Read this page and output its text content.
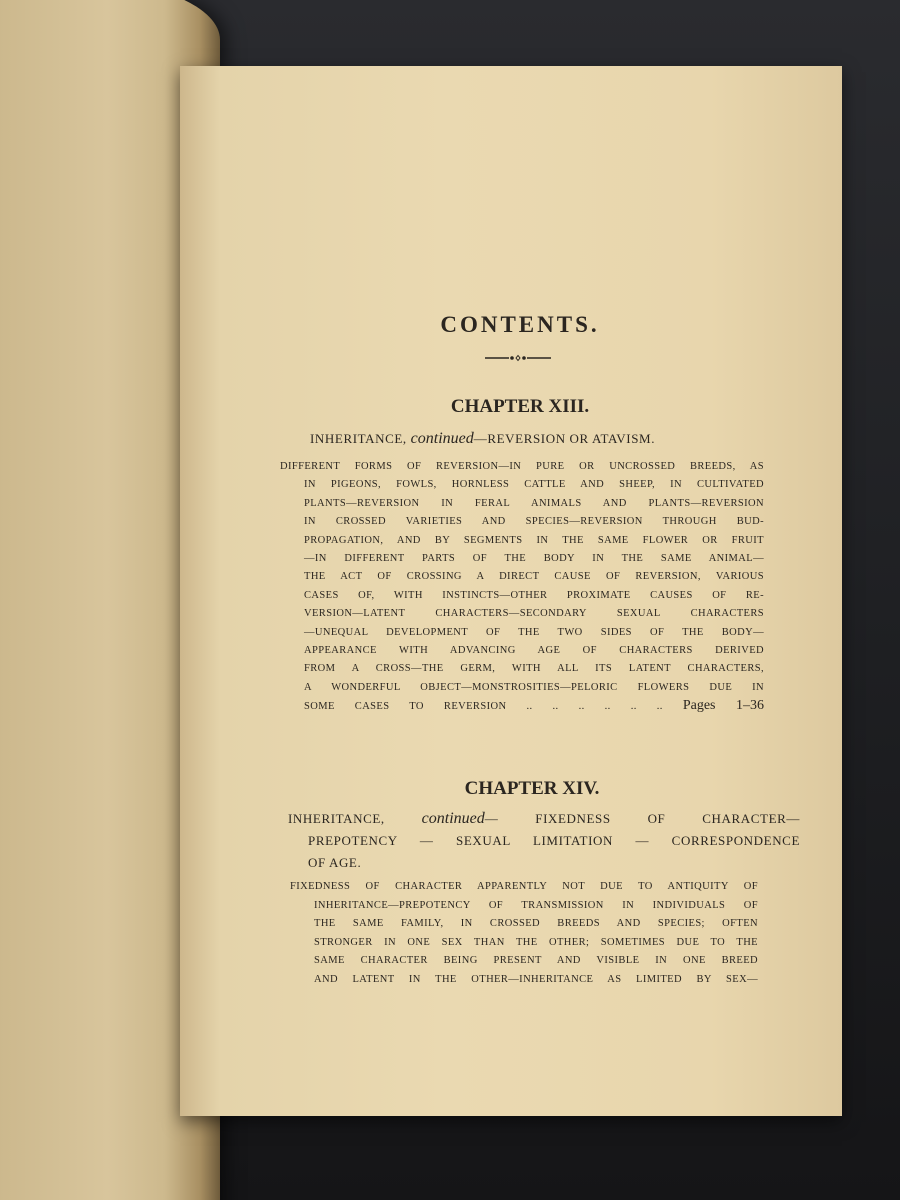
CONTENTS.
CHAPTER XIII.

INHERITANCE, continued—REVERSION OR ATAVISM.

DIFFERENT FORMS OF REVERSION—IN PURE OR UNCROSSED BREEDS, AS
IN PIGEONS, FOWLS, HORNLESS CATTLE AND SHEEP, IN CULTIVATED
PLANTS—REVERSION IN FERAL ANIMALS AND PLANTS—REVERSION
IN CROSSED VARIETIES AND SPECIES—REVERSION THROUGH BUD-
PROPAGATION, AND BY SEGMENTS IN THE SAME FLOWER OR FRUIT
—IN DIFFERENT PARTS OF THE BODY IN THE SAME ANIMAL—
THE ACT OF CROSSING A DIRECT CAUSE OF REVERSION, VARIOUS
CASES OF, WITH INSTINCTS—OTHER PROXIMATE CAUSES OF RE-
VERSION—LATENT CHARACTERS—SECONDARY SEXUAL CHARACTERS
—UNEQUAL DEVELOPMENT OF THE TWO SIDES OF THE BODY—
APPEARANCE WITH ADVANCING AGE OF CHARACTERS DERIVED
FROM A CROSS—THE GERM, WITH ALL ITS LATENT CHARACTERS,
A WONDERFUL OBJECT—MONSTROSITIES—PELORIC FLOWERS DUE IN
SOME CASES TO REVERSION .. .. .. .. .. .. Pages 1–36
CHAPTER XIV.
INHERITANCE, continued— FIXEDNESS OF CHARACTER—
PREPOTENCY — SEXUAL LIMITATION — CORRESPONDENCE
OF AGE.
FIXEDNESS OF CHARACTER APPARENTLY NOT DUE TO ANTIQUITY OF
INHERITANCE—PREPOTENCY OF TRANSMISSION IN INDIVIDUALS OF
THE SAME FAMILY, IN CROSSED BREEDS AND SPECIES; OFTEN
STRONGER IN ONE SEX THAN THE OTHER; SOMETIMES DUE TO THE
SAME CHARACTER BEING PRESENT AND VISIBLE IN ONE BREED
AND LATENT IN THE OTHER—INHERITANCE AS LIMITED BY SEX—
